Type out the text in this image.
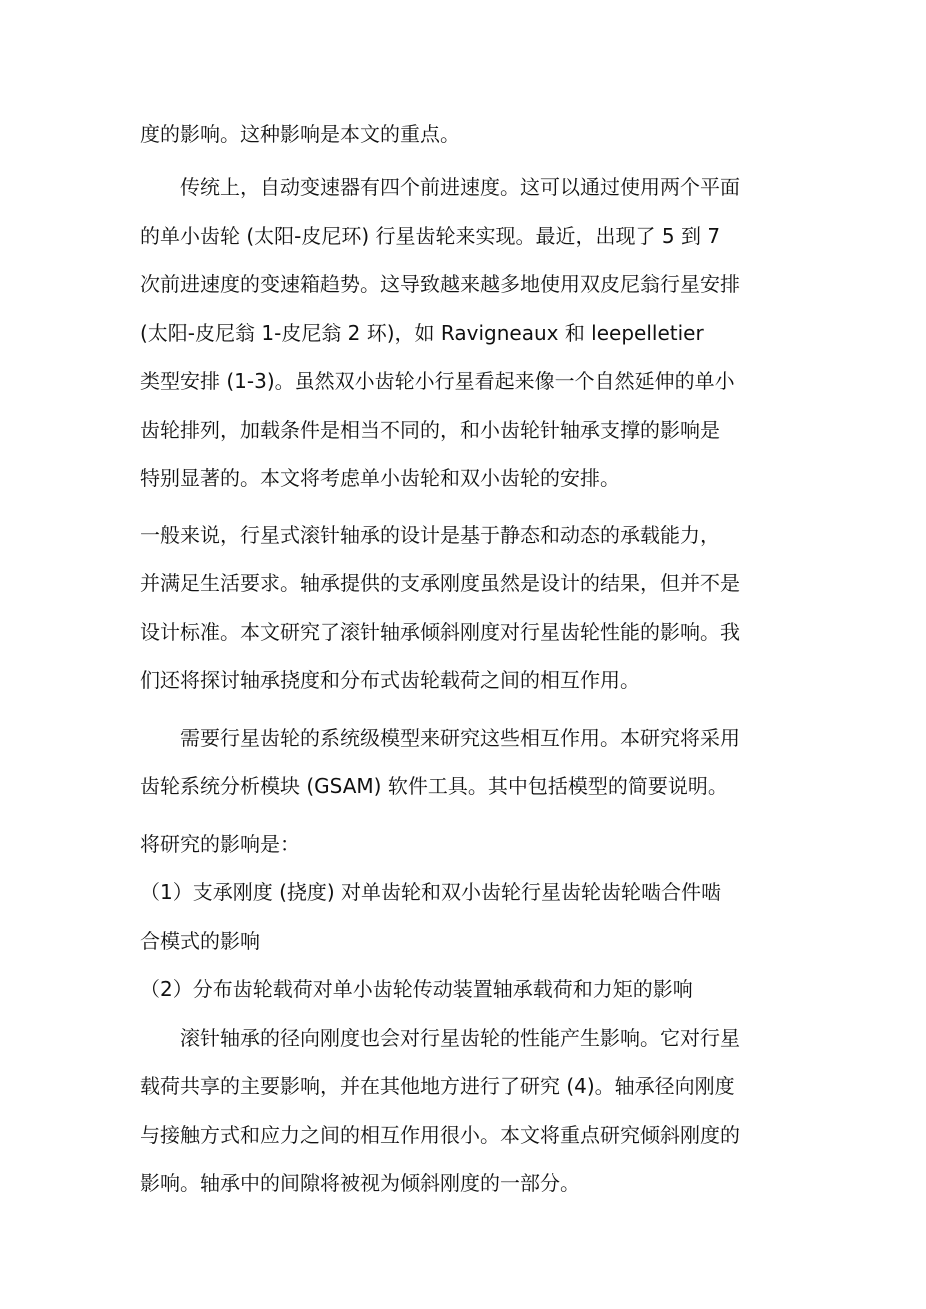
度的影响。这种影响是本文的重点。
　　传统上，自动变速器有四个前进速度。这可以通过使用两个平面
的单小齿轮 (太阳-皮尼环) 行星齿轮来实现。最近，出现了 5 到 7
次前进速度的变速箱趋势。这导致越来越多地使用双皮尼翁行星安排
(太阳-皮尼翁 1-皮尼翁 2 环)，如 Ravigneaux 和 leepelletier
类型安排 (1-3)。虽然双小齿轮小行星看起来像一个自然延伸的单小
齿轮排列，加载条件是相当不同的，和小齿轮针轴承支撑的影响是
特别显著的。本文将考虑单小齿轮和双小齿轮的安排。
一般来说，行星式滚针轴承的设计是基于静态和动态的承载能力，
并满足生活要求。轴承提供的支承刚度虽然是设计的结果，但并不是
设计标准。本文研究了滚针轴承倾斜刚度对行星齿轮性能的影响。我
们还将探讨轴承挠度和分布式齿轮载荷之间的相互作用。
　　需要行星齿轮的系统级模型来研究这些相互作用。本研究将采用
齿轮系统分析模块 (GSAM) 软件工具。其中包括模型的简要说明。
将研究的影响是：
（1）支承刚度 (挠度) 对单齿轮和双小齿轮行星齿轮齿轮啮合件啮
合模式的影响
（2）分布齿轮载荷对单小齿轮传动装置轴承载荷和力矩的影响
　　滚针轴承的径向刚度也会对行星齿轮的性能产生影响。它对行星
载荷共享的主要影响，并在其他地方进行了研究 (4)。轴承径向刚度
与接触方式和应力之间的相互作用很小。本文将重点研究倾斜刚度的
影响。轴承中的间隙将被视为倾斜刚度的一部分。
